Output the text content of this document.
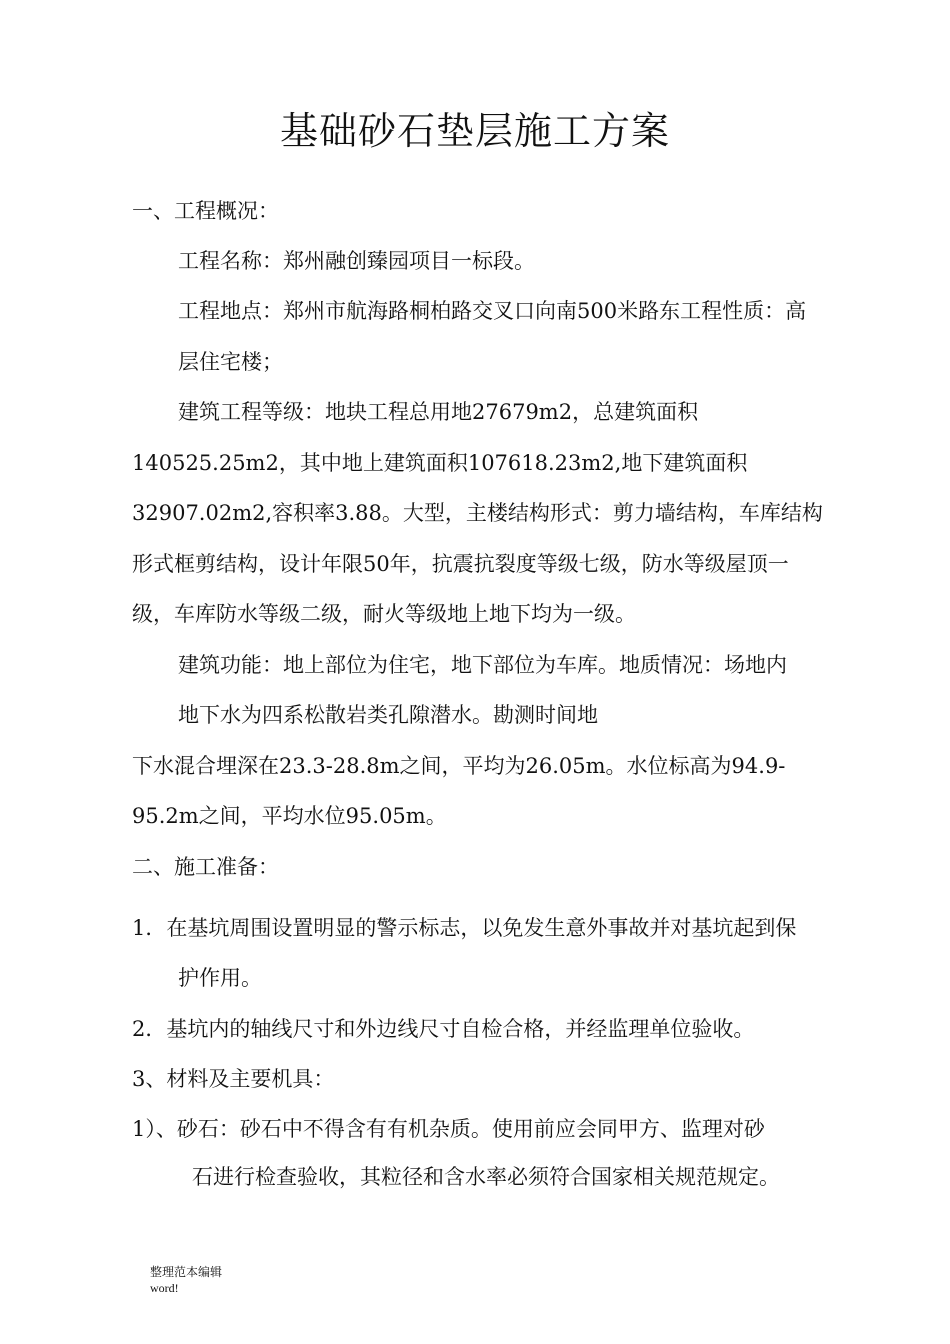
基础砂石垫层施工方案

一、工程概况：

工程名称：郑州融创臻园项目一标段。

工程地点：郑州市航海路桐柏路交叉口向南500米路东工程性质：高

层住宅楼；

建筑工程等级：地块工程总用地27679m2，总建筑面积

140525.25m2，其中地上建筑面积107618.23m2,地下建筑面积

32907.02m2,容积率3.88。大型，主楼结构形式：剪力墙结构，车库结构

形式框剪结构，设计年限50年，抗震抗裂度等级七级，防水等级屋顶一

级，车库防水等级二级，耐火等级地上地下均为一级。

建筑功能：地上部位为住宅，地下部位为车库。地质情况：场地内

地下水为四系松散岩类孔隙潜水。勘测时间地

下水混合埋深在23.3-28.8m之间，平均为26.05m。水位标高为94.9-

95.2m之间，平均水位95.05m。

二、施工准备：

1．在基坑周围设置明显的警示标志，以免发生意外事故并对基坑起到保

护作用。

2．基坑内的轴线尺寸和外边线尺寸自检合格，并经监理单位验收。

3、材料及主要机具：

1）、砂石：砂石中不得含有有机杂质。使用前应会同甲方、监理对砂

石进行检查验收，其粒径和含水率必须符合国家相关规范规定。

整理范本编辑
word!
